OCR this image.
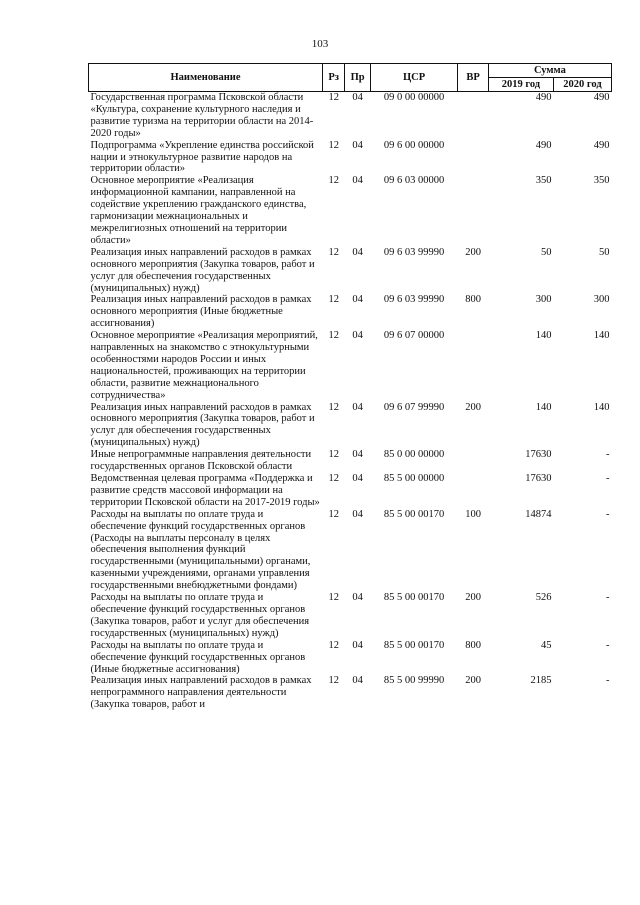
103
Наименование	Рз	Пр	ЦСР	ВР	Сумма	
					2019 год	2020 год
Государственная программа Псковской области «Культура, сохранение культурного наследия и развитие туризма на территории области на 2014-2020 годы»	12	04	09 0 00 00000		490	490
Подпрограмма «Укрепление единства российской нации и этнокультурное развитие народов на территории области»	12	04	09 6 00 00000		490	490
Основное мероприятие «Реализация информационной кампании, направленной на содействие укреплению гражданского единства, гармонизации межнациональных и межрелигиозных отношений на территории области»	12	04	09 6 03 00000		350	350
Реализация иных направлений расходов в рамках основного мероприятия (Закупка товаров, работ и услуг для обеспечения государственных (муниципальных) нужд)	12	04	09 6 03 99990	200	50	50
Реализация иных направлений расходов в рамках основного мероприятия (Иные бюджетные ассигнования)	12	04	09 6 03 99990	800	300	300
Основное мероприятие «Реализация мероприятий, направленных на знакомство с этнокультурными особенностями народов России и иных национальностей, проживающих на территории области, развитие межнационального сотрудничества»	12	04	09 6 07 00000		140	140
Реализация иных направлений расходов в рамках основного мероприятия (Закупка товаров, работ и услуг для обеспечения государственных (муниципальных) нужд)	12	04	09 6 07 99990	200	140	140
Иные непрограммные направления деятельности государственных органов Псковской области	12	04	85 0 00 00000		17630	-
Ведомственная целевая программа «Поддержка и развитие средств массовой информации на территории Псковской области на 2017-2019 годы»	12	04	85 5 00 00000		17630	-
Расходы на выплаты по оплате труда и обеспечение функций государственных органов (Расходы на выплаты персоналу в целях обеспечения выполнения функций государственными (муниципальными) органами, казенными учреждениями, органами управления государственными внебюджетными фондами)	12	04	85 5 00 00170	100	14874	-
Расходы на выплаты по оплате труда и обеспечение функций государственных органов (Закупка товаров, работ и услуг для обеспечения государственных (муниципальных) нужд)	12	04	85 5 00 00170	200	526	-
Расходы на выплаты по оплате труда и обеспечение функций государственных органов (Иные бюджетные ассигнования)	12	04	85 5 00 00170	800	45	-
Реализация иных направлений расходов в рамках непрограммного направления деятельности (Закупка товаров, работ и	12	04	85 5 00 99990	200	2185	-
